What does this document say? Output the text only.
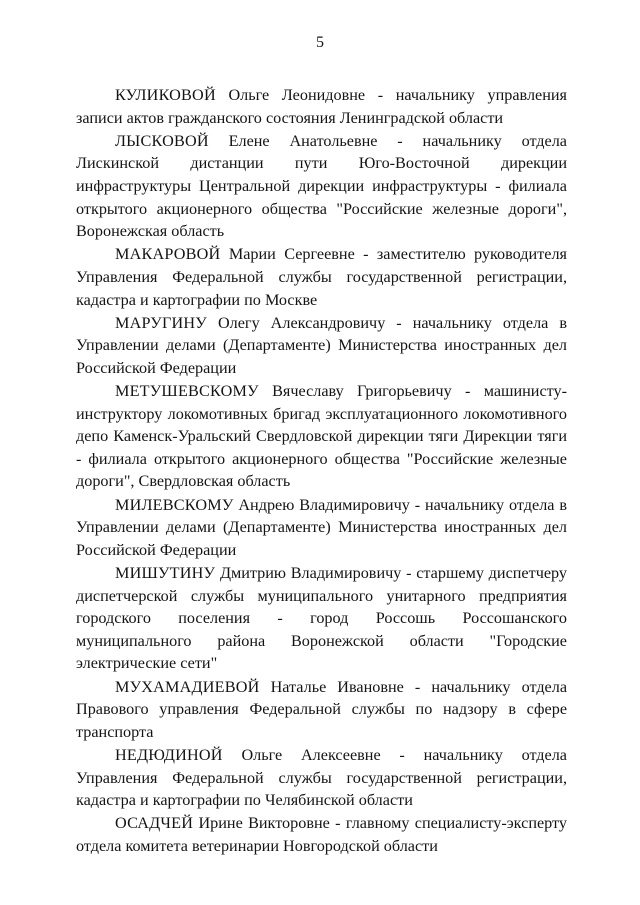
5

КУЛИКОВОЙ Ольге Леонидовне - начальнику управления записи актов гражданского состояния Ленинградской области

ЛЫСКОВОЙ Елене Анатольевне - начальнику отдела Лискинской дистанции пути Юго-Восточной дирекции инфраструктуры Центральной дирекции инфраструктуры - филиала открытого акционерного общества "Российские железные дороги", Воронежская область

МАКАРОВОЙ Марии Сергеевне - заместителю руководителя Управления Федеральной службы государственной регистрации, кадастра и картографии по Москве

МАРУГИНУ Олегу Александровичу - начальнику отдела в Управлении делами (Департаменте) Министерства иностранных дел Российской Федерации

МЕТУШЕВСКОМУ Вячеславу Григорьевичу - машинисту-инструктору локомотивных бригад эксплуатационного локомотивного депо Каменск-Уральский Свердловской дирекции тяги Дирекции тяги - филиала открытого акционерного общества "Российские железные дороги", Свердловская область

МИЛЕВСКОМУ Андрею Владимировичу - начальнику отдела в Управлении делами (Департаменте) Министерства иностранных дел Российской Федерации

МИШУТИНУ Дмитрию Владимировичу - старшему диспетчеру диспетчерской службы муниципального унитарного предприятия городского поселения - город Россошь Россошанского муниципального района Воронежской области "Городские электрические сети"

МУХАМАДИЕВОЙ Наталье Ивановне - начальнику отдела Правового управления Федеральной службы по надзору в сфере транспорта

НЕДЮДИНОЙ Ольге Алексеевне - начальнику отдела Управления Федеральной службы государственной регистрации, кадастра и картографии по Челябинской области

ОСАДЧЕЙ Ирине Викторовне - главному специалисту-эксперту отдела комитета ветеринарии Новгородской области
